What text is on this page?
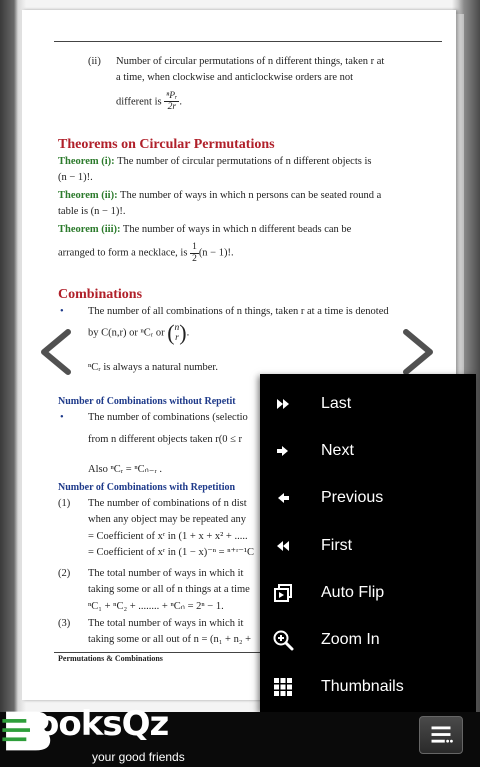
(ii) Number of circular permutations of n different things, taken r at
a time, when clockwise and anticlockwise orders are not
different is $\frac{\text{ⁿPᵣ}}{2r}$ .
Theorems on Circular Permutations
Theorem (i): The number of circular permutations of n different objects is
(n − 1)!.
Theorem (ii): The number of ways in which n persons can be seated round a
table is (n − 1)!.
Theorem (iii): The number of ways in which n different beads can be
arranged to form a necklace, is $\frac{1}{2} (n - 1)$!.
Combinations
• The number of all combinations of n things, taken r at a time is denoted
by C(n,r) or ⁿCᵣ or ( n
r ).
ⁿCᵣ is always a natural number.
Number of Combinations without Repetit
• The number of combinations (selectio
from n different objects taken r(0 ≤ r
Also ⁿCᵣ = ⁿCₙ₋ᵣ .
Number of Combinations with Repetition
(1) The number of combinations of n dist
when any object may be repeated any
= Coefficient of xʳ in (1 + x + x² + .....
= Coefficient of xʳ in (1 − x)⁻ⁿ = ⁿ⁺ʳ⁻¹C
(2) The total number of ways in which it
taking some or all of n things at a time
ⁿC₁ + ⁿC₂ + ........ + ⁿCₙ = 2ⁿ − 1.
(3) The total number of ways in which it
taking some or all out of n = (n₁ + n₂ +
Permutations & Combinations
Last
Next
Previous
First
Auto Flip
Zoom In
Thumbnails
ooksQz
your good friends
